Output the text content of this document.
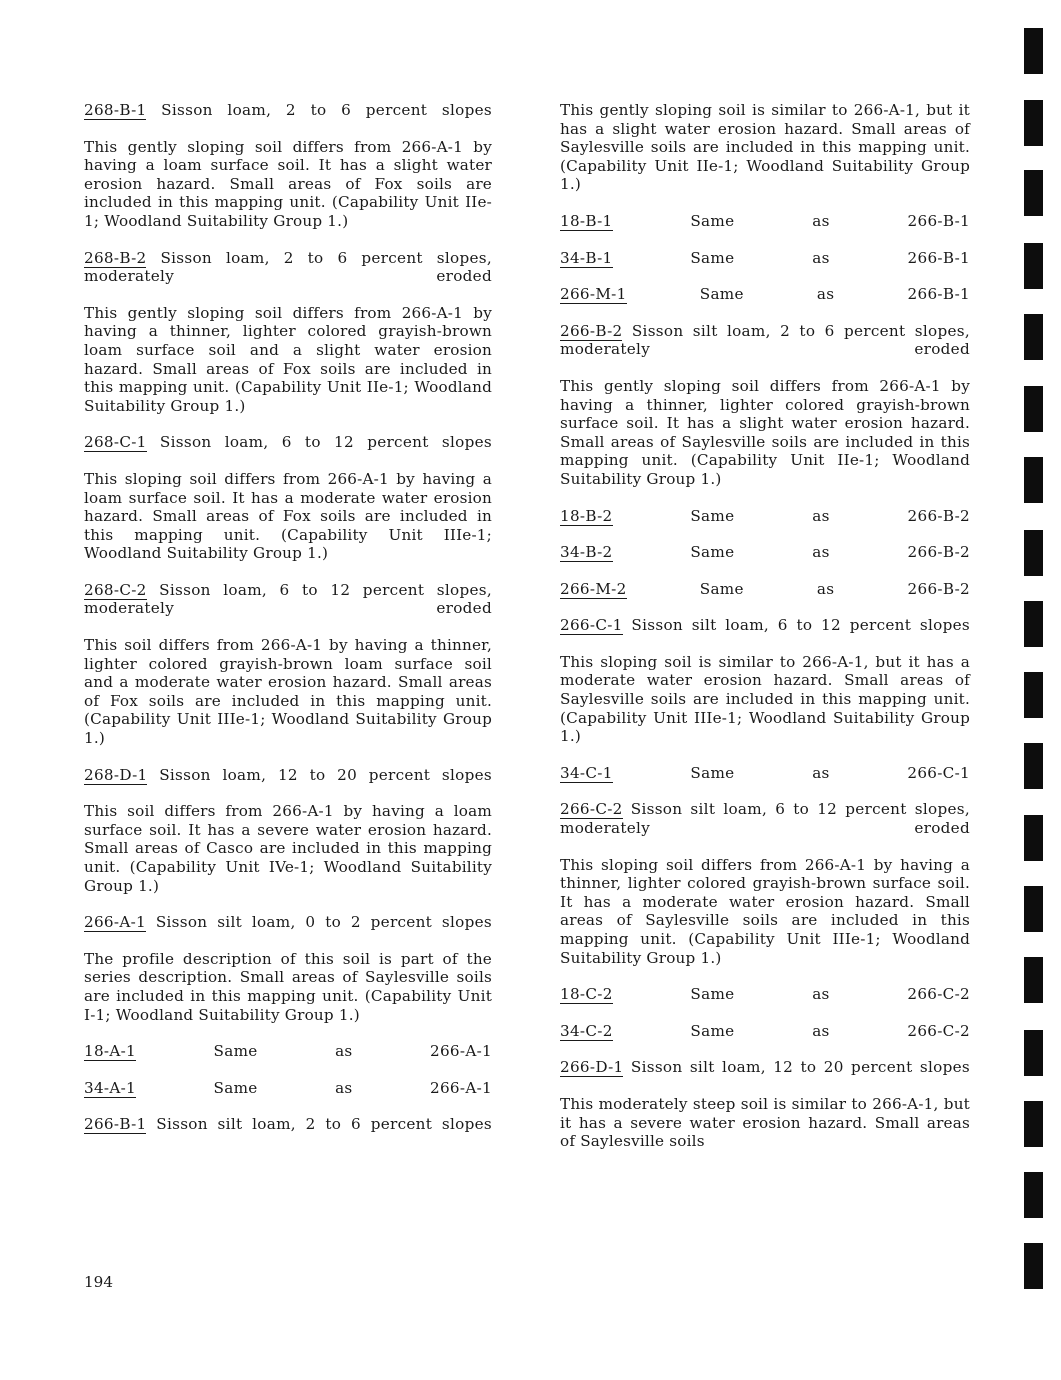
268-B-1 Sisson loam, 2 to 6 percent slopes
This gently sloping soil differs from 266-A-1 by having a loam surface soil. It has a slight water erosion hazard. Small areas of Fox soils are included in this mapping unit. (Capability Unit IIe-1; Woodland Suitability Group 1.)
268-B-2 Sisson loam, 2 to 6 percent slopes, moderately eroded
This gently sloping soil differs from 266-A-1 by having a thinner, lighter colored grayish-brown loam surface soil and a slight water erosion hazard. Small areas of Fox soils are included in this mapping unit. (Capability Unit IIe-1; Woodland Suitability Group 1.)
268-C-1 Sisson loam, 6 to 12 percent slopes
This sloping soil differs from 266-A-1 by having a loam surface soil. It has a moderate water erosion hazard. Small areas of Fox soils are included in this mapping unit. (Capability Unit IIIe-1; Woodland Suitability Group 1.)
268-C-2 Sisson loam, 6 to 12 percent slopes, moderately eroded
This soil differs from 266-A-1 by having a thinner, lighter colored grayish-brown loam surface soil and a moderate water erosion hazard. Small areas of Fox soils are included in this mapping unit. (Capability Unit IIIe-1; Woodland Suitability Group 1.)
268-D-1 Sisson loam, 12 to 20 percent slopes
This soil differs from 266-A-1 by having a loam surface soil. It has a severe water erosion hazard. Small areas of Casco are included in this mapping unit. (Capability Unit IVe-1; Woodland Suitability Group 1.)
266-A-1 Sisson silt loam, 0 to 2 percent slopes
The profile description of this soil is part of the series description. Small areas of Saylesville soils are included in this mapping unit. (Capability Unit I-1; Woodland Suitability Group 1.)
18-A-1	Same as 266-A-1
34-A-1	Same as 266-A-1
266-B-1 Sisson silt loam, 2 to 6 percent slopes
This gently sloping soil is similar to 266-A-1, but it has a slight water erosion hazard. Small areas of Saylesville soils are included in this mapping unit. (Capability Unit IIe-1; Woodland Suitability Group 1.)
18-B-1	Same as 266-B-1
34-B-1	Same as 266-B-1
266-M-1	Same as 266-B-1
266-B-2 Sisson silt loam, 2 to 6 percent slopes, moderately eroded
This gently sloping soil differs from 266-A-1 by having a thinner, lighter colored grayish-brown surface soil. It has a slight water erosion hazard. Small areas of Saylesville soils are included in this mapping unit. (Capability Unit IIe-1; Woodland Suitability Group 1.)
18-B-2	Same as 266-B-2
34-B-2	Same as 266-B-2
266-M-2	Same as 266-B-2
266-C-1 Sisson silt loam, 6 to 12 percent slopes
This sloping soil is similar to 266-A-1, but it has a moderate water erosion hazard. Small areas of Saylesville soils are included in this mapping unit. (Capability Unit IIIe-1; Woodland Suitability Group 1.)
34-C-1	Same as 266-C-1
266-C-2 Sisson silt loam, 6 to 12 percent slopes, moderately eroded
This sloping soil differs from 266-A-1 by having a thinner, lighter colored grayish-brown surface soil. It has a moderate water erosion hazard. Small areas of Saylesville soils are included in this mapping unit. (Capability Unit IIIe-1; Woodland Suitability Group 1.)
18-C-2	Same as 266-C-2
34-C-2	Same as 266-C-2
266-D-1 Sisson silt loam, 12 to 20 percent slopes
This moderately steep soil is similar to 266-A-1, but it has a severe water erosion hazard. Small areas of Saylesville soils
194
